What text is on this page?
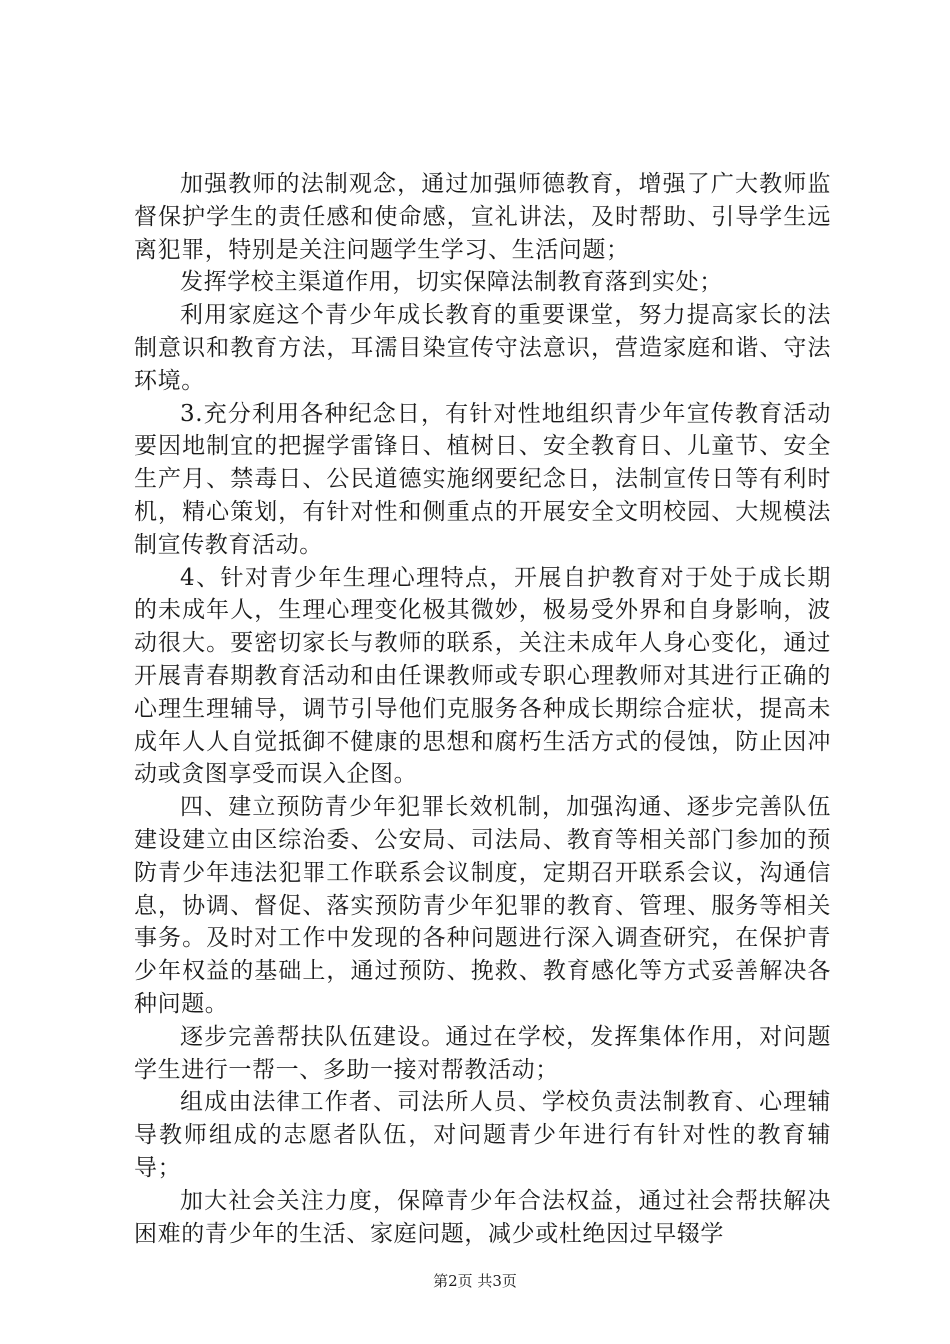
加强教师的法制观念，通过加强师德教育，增强了广大教师监督保护学生的责任感和使命感，宣礼讲法，及时帮助、引导学生远离犯罪，特别是关注问题学生学习、生活问题；

发挥学校主渠道作用，切实保障法制教育落到实处；

利用家庭这个青少年成长教育的重要课堂，努力提高家长的法制意识和教育方法，耳濡目染宣传守法意识，营造家庭和谐、守法环境。

3.充分利用各种纪念日，有针对性地组织青少年宣传教育活动要因地制宜的把握学雷锋日、植树日、安全教育日、儿童节、安全生产月、禁毒日、公民道德实施纲要纪念日，法制宣传日等有利时机，精心策划，有针对性和侧重点的开展安全文明校园、大规模法制宣传教育活动。

4、针对青少年生理心理特点，开展自护教育对于处于成长期的未成年人，生理心理变化极其微妙，极易受外界和自身影响，波动很大。要密切家长与教师的联系，关注未成年人身心变化，通过开展青春期教育活动和由任课教师或专职心理教师对其进行正确的心理生理辅导，调节引导他们克服务各种成长期综合症状，提高未成年人人自觉抵御不健康的思想和腐朽生活方式的侵蚀，防止因冲动或贪图享受而误入企图。

四、建立预防青少年犯罪长效机制，加强沟通、逐步完善队伍建设建立由区综治委、公安局、司法局、教育等相关部门参加的预防青少年违法犯罪工作联系会议制度，定期召开联系会议，沟通信息，协调、督促、落实预防青少年犯罪的教育、管理、服务等相关事务。及时对工作中发现的各种问题进行深入调查研究，在保护青少年权益的基础上，通过预防、挽救、教育感化等方式妥善解决各种问题。

逐步完善帮扶队伍建设。通过在学校，发挥集体作用，对问题学生进行一帮一、多助一接对帮教活动；

组成由法律工作者、司法所人员、学校负责法制教育、心理辅导教师组成的志愿者队伍，对问题青少年进行有针对性的教育辅导；

加大社会关注力度，保障青少年合法权益，通过社会帮扶解决困难的青少年的生活、家庭问题，减少或杜绝因过早辍学

第2页 共3页
